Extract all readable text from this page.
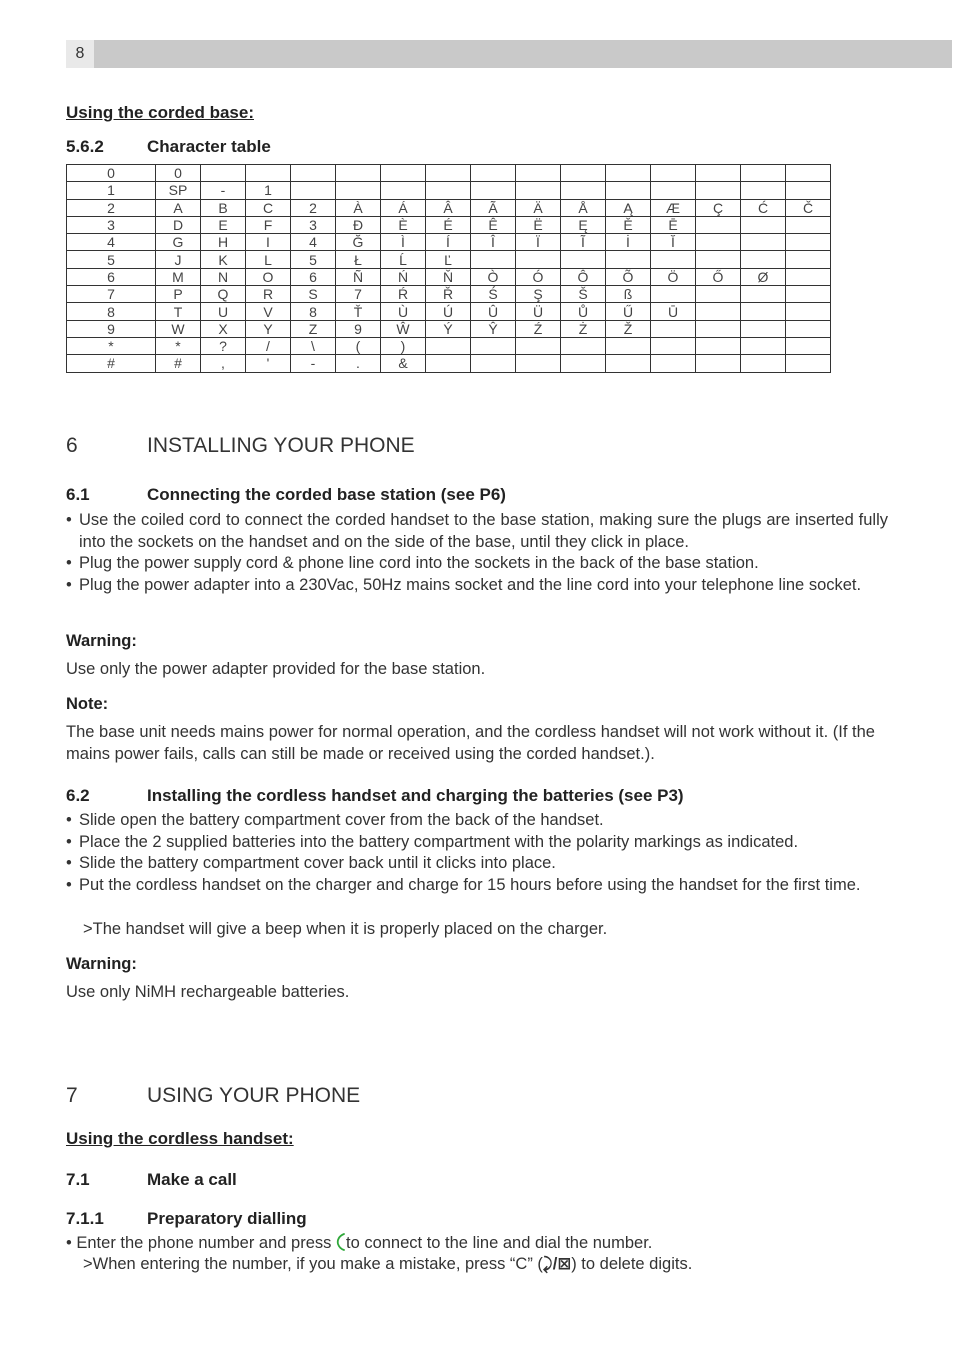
8
Using the corded base:
5.6.2	Character table
0	0														
1	SP	-	1												
2	A	B	C	2	À	Á	Â	Ã	Ä	Å	Ą	Æ	Ç	Ć	Č
3	D	E	F	3	Đ	È	É	Ê	Ë	Ę	Ě	Ē			
4	G	H	I	4	Ğ	Ì	Í	Î	Ï	Ĩ	İ	Ĭ			
5	J	K	L	5	Ł	Ĺ	Ľ								
6	M	N	O	6	Ñ	Ń	Ň	Ò	Ó	Ô	Õ	Ö	Ő	Ø	
7	P	Q	R	S	7	Ŕ	Ř	Ś	Ş	Š	ß				
8	T	U	V	8	Ť	Ù	Ú	Û	Ü	Ů	Ű	Ū			
9	W	X	Y	Z	9	Ŵ	Ý	Ŷ	Ź	Ż	Ž				
*	*	?	/	\	(	)									
#	#	,	'	-	.	&									
6	INSTALLING YOUR PHONE
6.1	Connecting the corded base station (see P6)
• Use the coiled cord to connect the corded handset to the base station, making sure the plugs are inserted fully into the sockets on the handset and on the side of the base, until they click in place.
• Plug the power supply cord & phone line cord into the sockets in the back of the base station.
• Plug the power adapter into a 230Vac, 50Hz mains socket and the line cord into your telephone line socket.
Warning:
Use only the power adapter provided for the base station.
Note:
The base unit needs mains power for normal operation, and the cordless handset will not work without it. (If the mains power fails, calls can still be made or received using the corded handset.).
6.2	Installing the cordless handset and charging the batteries (see P3)
• Slide open the battery compartment cover from the back of the handset.
• Place the 2 supplied batteries into the battery compartment with the polarity markings as indicated.
• Slide the battery compartment cover back until it clicks into place.
• Put the cordless handset on the charger and charge for 15 hours before using the handset for the first time.
>The handset will give a beep when it is properly placed on the charger.
Warning:
Use only NiMH rechargeable batteries.
7	USING YOUR PHONE
Using the cordless handset:
7.1	Make a call
7.1.1	Preparatory dialling
• Enter the phone number and press to connect to the line and dial the number.
>When entering the number, if you make a mistake, press “C” (⤸/⊠) to delete digits.
